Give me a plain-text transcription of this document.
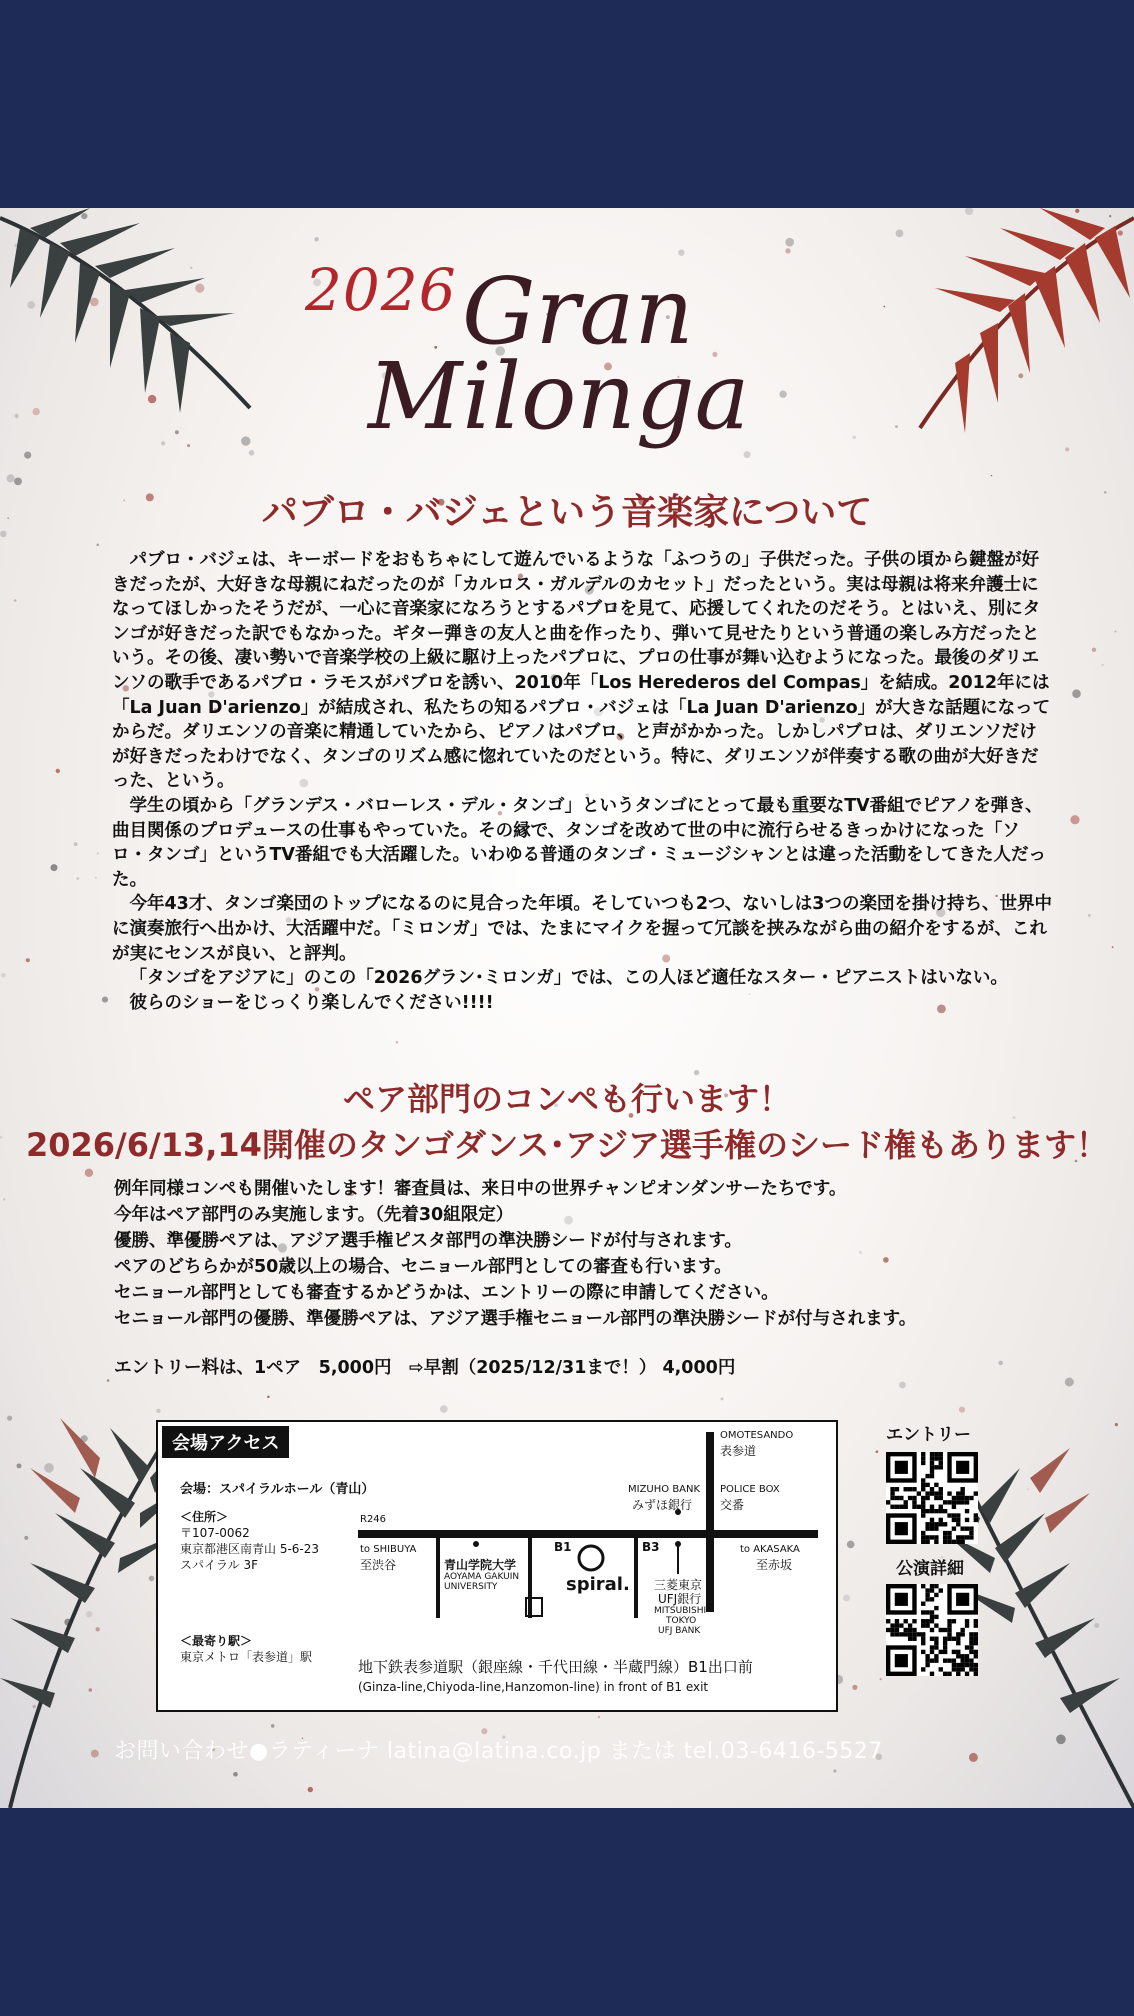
2026 Gran
Milonga
パブロ・バジェという音楽家について

パブロ・バジェは、キーボードをおもちゃにして遊んでいるような「ふつうの」子供だった。子供の頃から鍵盤が好きだったが、大好きな母親にねだったのが「カルロス・ガルデルのカセット」だったという。実は母親は将来弁護士になってほしかったそうだが、一心に音楽家になろうとするパブロを見て、応援してくれたのだそう。とはいえ、別にタンゴが好きだった訳でもなかった。ギター弾きの友人と曲を作ったり、弾いて見せたりという普通の楽しみ方だったという。その後、凄い勢いで音楽学校の上級に駆け上ったパブロに、プロの仕事が舞い込むようになった。最後のダリエンソの歌手であるパブロ・ラモスがパブロを誘い、2010年「Los Herederos del Compas」を結成。2012年には「La Juan D'arienzo」が結成され、私たちの知るパブロ・バジェは「La Juan D'arienzo」が大きな話題になってからだ。ダリエンソの音楽に精通していたから、ピアノはパブロ、と声がかかった。しかしパブロは、ダリエンソだけが好きだったわけでなく、タンゴのリズム感に惚れていたのだという。特に、ダリエンソが伴奏する歌の曲が大好きだった、という。

学生の頃から「グランデス・バローレス・デル・タンゴ」というタンゴにとって最も重要なTV番組でピアノを弾き、曲目関係のプロデュースの仕事もやっていた。その縁で、タンゴを改めて世の中に流行らせるきっかけになった「ソロ・タンゴ」というTV番組でも大活躍した。いわゆる普通のタンゴ・ミュージシャンとは違った活動をしてきた人だった。

今年43才、タンゴ楽団のトップになるのに見合った年頃。そしていつも2つ、ないしは3つの楽団を掛け持ち、世界中に演奏旅行へ出かけ、大活躍中だ。「ミロンガ」では、たまにマイクを握って冗談を挟みながら曲の紹介をするが、これが実にセンスが良い、と評判。

「タンゴをアジアに」のこの「2026グラン･ミロンガ」では、この人ほど適任なスター・ピアニストはいない。

彼らのショーをじっくり楽しんでください!!!!

ペア部門のコンペも行います！
2026/6/13,14開催のタンゴダンス･アジア選手権のシード権もあります！
例年同様コンペも開催いたします！審査員は、来日中の世界チャンピオンダンサーたちです。
今年はペア部門のみ実施します。（先着30組限定）
優勝、準優勝ペアは、アジア選手権ピスタ部門の準決勝シードが付与されます。
ペアのどちらかが50歳以上の場合、セニョール部門としての審査も行います。
セニョール部門としても審査するかどうかは、エントリーの際に申請してください。
セニョール部門の優勝、準優勝ペアは、アジア選手権セニョール部門の準決勝シードが付与されます。
エントリー料は、1ペア　5,000円　⇨早割（2025/12/31まで！） 4,000円
会場アクセス
会場：スパイラルホール（青山）
＜住所＞
〒107-0062
東京都港区南青山 5-6-23
スパイラル 3F
＜最寄り駅＞
東京メトロ「表参道」駅
R246
OMOTESANDO
表参道
MIZUHO BANK
みずほ銀行
POLICE BOX
交番
to SHIBUYA
至渋谷
to AKASAKA
至赤坂
青山学院大学
AOYAMA GAKUIN
UNIVERSITY
B1	B3
spiral. 三菱東京
UFJ銀行
MITSUBISHI
TOKYO
UFJ BANK
地下鉄表参道駅（銀座線・千代田線・半蔵門線）B1出口前
(Ginza-line,Chiyoda-line,Hanzomon-line) in front of B1 exit
エントリー
公演詳細
お問い合わせ●ラティーナ latina@latina.co.jp または tel.03-6416-5527
